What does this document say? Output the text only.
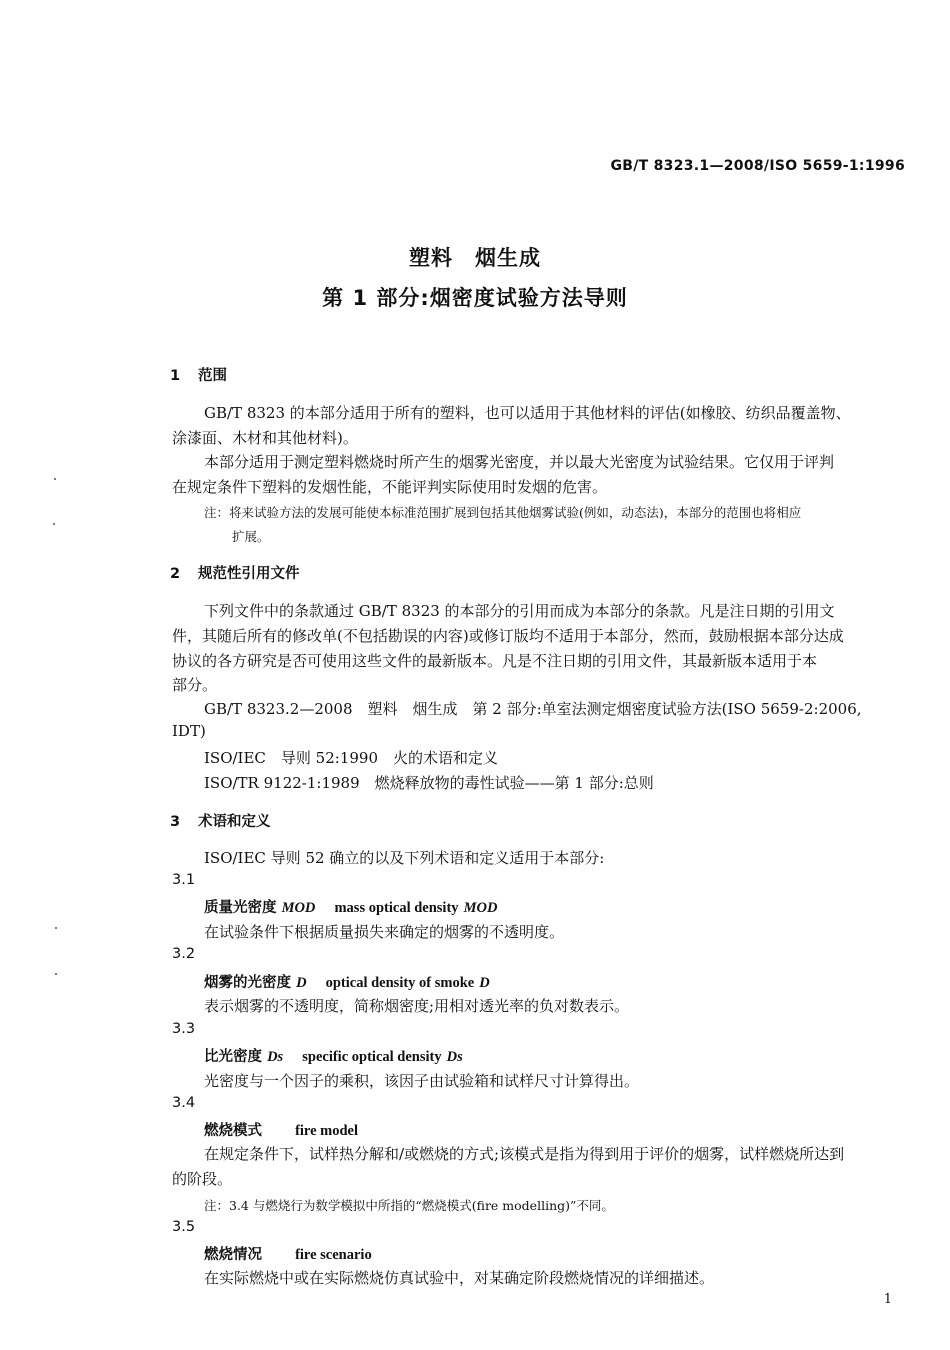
GB/T 8323.1—2008/ISO 5659-1:1996
塑料　烟生成
第 1 部分:烟密度试验方法导则
1 范围
GB/T 8323 的本部分适用于所有的塑料，也可以适用于其他材料的评估(如橡胶、纺织品覆盖物、
涂漆面、木材和其他材料)。
本部分适用于测定塑料燃烧时所产生的烟雾光密度，并以最大光密度为试验结果。它仅用于评判
在规定条件下塑料的发烟性能，不能评判实际使用时发烟的危害。
注：将来试验方法的发展可能使本标准范围扩展到包括其他烟雾试验(例如，动态法)，本部分的范围也将相应
扩展。
2 规范性引用文件
下列文件中的条款通过 GB/T 8323 的本部分的引用而成为本部分的条款。凡是注日期的引用文
件，其随后所有的修改单(不包括勘误的内容)或修订版均不适用于本部分，然而，鼓励根据本部分达成
协议的各方研究是否可使用这些文件的最新版本。凡是不注日期的引用文件，其最新版本适用于本
部分。
GB/T 8323.2—2008　塑料　烟生成　第 2 部分:单室法测定烟密度试验方法(ISO 5659-2:2006,
IDT)
ISO/IEC　导则 52:1990　火的术语和定义
ISO/TR 9122-1:1989　燃烧释放物的毒性试验——第 1 部分:总则
3 术语和定义
ISO/IEC 导则 52 确立的以及下列术语和定义适用于本部分:
3.1
质量光密度 MOD mass optical density MOD
在试验条件下根据质量损失来确定的烟雾的不透明度。
3.2
烟雾的光密度 D optical density of smoke D
表示烟雾的不透明度，简称烟密度;用相对透光率的负对数表示。
3.3
比光密度 Ds specific optical density Ds
光密度与一个因子的乘积，该因子由试验箱和试样尺寸计算得出。
3.4
燃烧模式 fire model
在规定条件下，试样热分解和/或燃烧的方式;该模式是指为得到用于评价的烟雾，试样燃烧所达到
的阶段。
注：3.4 与燃烧行为数学模拟中所指的“燃烧模式(fire modelling)”不同。
3.5
燃烧情况 fire scenario
在实际燃烧中或在实际燃烧仿真试验中，对某确定阶段燃烧情况的详细描述。
1
